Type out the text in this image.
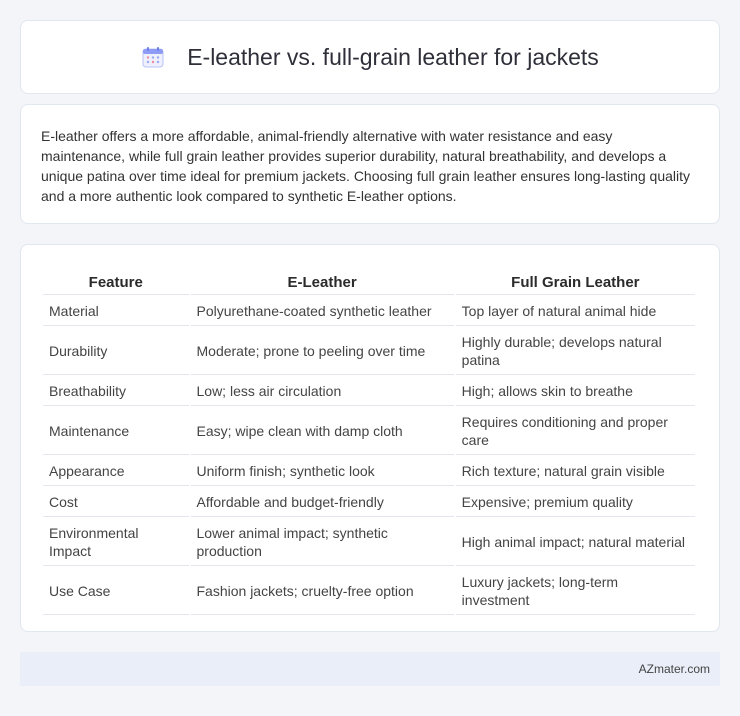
E-leather vs. full-grain leather for jackets

E-leather offers a more affordable, animal-friendly alternative with water resistance and easy maintenance, while full grain leather provides superior durability, natural breathability, and develops a unique patina over time ideal for premium jackets. Choosing full grain leather ensures long-lasting quality and a more authentic look compared to synthetic E-leather options.

Feature	E-Leather	Full Grain Leather
Material	Polyurethane-coated synthetic leather	Top layer of natural animal hide
Durability	Moderate; prone to peeling over time	Highly durable; develops natural patina
Breathability	Low; less air circulation	High; allows skin to breathe
Maintenance	Easy; wipe clean with damp cloth	Requires conditioning and proper care
Appearance	Uniform finish; synthetic look	Rich texture; natural grain visible
Cost	Affordable and budget-friendly	Expensive; premium quality
Environmental Impact	Lower animal impact; synthetic production	High animal impact; natural material
Use Case	Fashion jackets; cruelty-free option	Luxury jackets; long-term investment
AZmater.com
